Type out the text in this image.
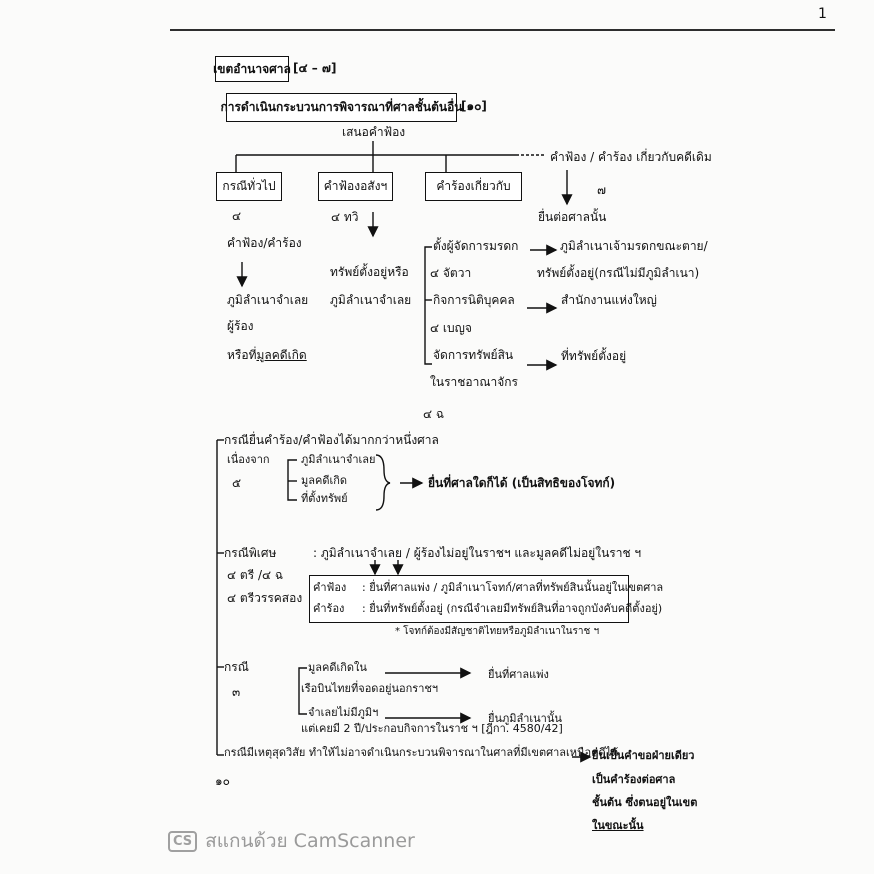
1
เขตอำนาจศาล [๔ – ๗]
การดำเนินกระบวนการพิจารณาที่ศาลชั้นต้นอื่น
[๑๐]
เสนอคำฟ้อง
คำฟ้อง / คำร้อง เกี่ยวกับคดีเดิม
๗
ยื่นต่อศาลนั้น
กรณีทั่วไป	คำฟ้องอสังฯ	คำร้องเกี่ยวกับ
๔
คำฟ้อง/คำร้อง
ภูมิลำเนาจำเลย
ผู้ร้อง
หรือที่มูลคดีเกิด
๔ ทวิ
ทรัพย์ตั้งอยู่หรือ
ภูมิลำเนาจำเลย
ตั้งผู้จัดการมรดก
๔ จัตวา
กิจการนิติบุคคล
๔ เบญจ
จัดการทรัพย์สิน
ในราชอาณาจักร
๔ ฉ
ภูมิลำเนาเจ้ามรดกขณะตาย/
ทรัพย์ตั้งอยู่(กรณีไม่มีภูมิลำเนา)
สำนักงานแห่งใหญ่
ที่ทรัพย์ตั้งอยู่
กรณียื่นคำร้อง/คำฟ้องได้มากกว่าหนึ่งศาล
เนื่องจาก
๕
ภูมิลำเนาจำเลย
มูลคดีเกิด
ที่ตั้งทรัพย์
ยื่นที่ศาลใดก็ได้ (เป็นสิทธิของโจทก์)
กรณีพิเศษ	: ภูมิลำเนาจำเลย / ผู้ร้องไม่อยู่ในราชฯ และมูลคดีไม่อยู่ในราช ฯ
๔ ตรี /๔ ฉ
๔ ตรีวรรคสอง
คำฟ้อง : ยื่นที่ศาลแพ่ง / ภูมิลำเนาโจทก์/ศาลที่ทรัพย์สินนั้นอยู่ในเขตศาล
คำร้อง : ยื่นที่ทรัพย์ตั้งอยู่ (กรณีจำเลยมีทรัพย์สินที่อาจถูกบังคับคดีตั้งอยู่)
* โจทก์ต้องมีสัญชาติไทยหรือภูมิลำเนาในราช ฯ
กรณี
๓
มูลคดีเกิดใน
เรือบินไทยที่จอดอยู่นอกราชฯ
จำเลยไม่มีภูมิฯ
แต่เคยมี 2 ปี/ประกอบกิจการในราช ฯ [ฎีกา. 4580/42]
ยื่นที่ศาลแพ่ง
ยื่นภูมิลำเนานั้น
กรณีมีเหตุสุดวิสัย ทำให้ไม่อาจดำเนินกระบวนพิจารณาในศาลที่มีเขตศาลเหนือคดีได้
๑๐
ยื่นเป็นคำขอฝ่ายเดียว
เป็นคำร้องต่อศาล
ชั้นต้น ซึ่งตนอยู่ในเขต
ในขณะนั้น
CS สแกนด้วย CamScanner
